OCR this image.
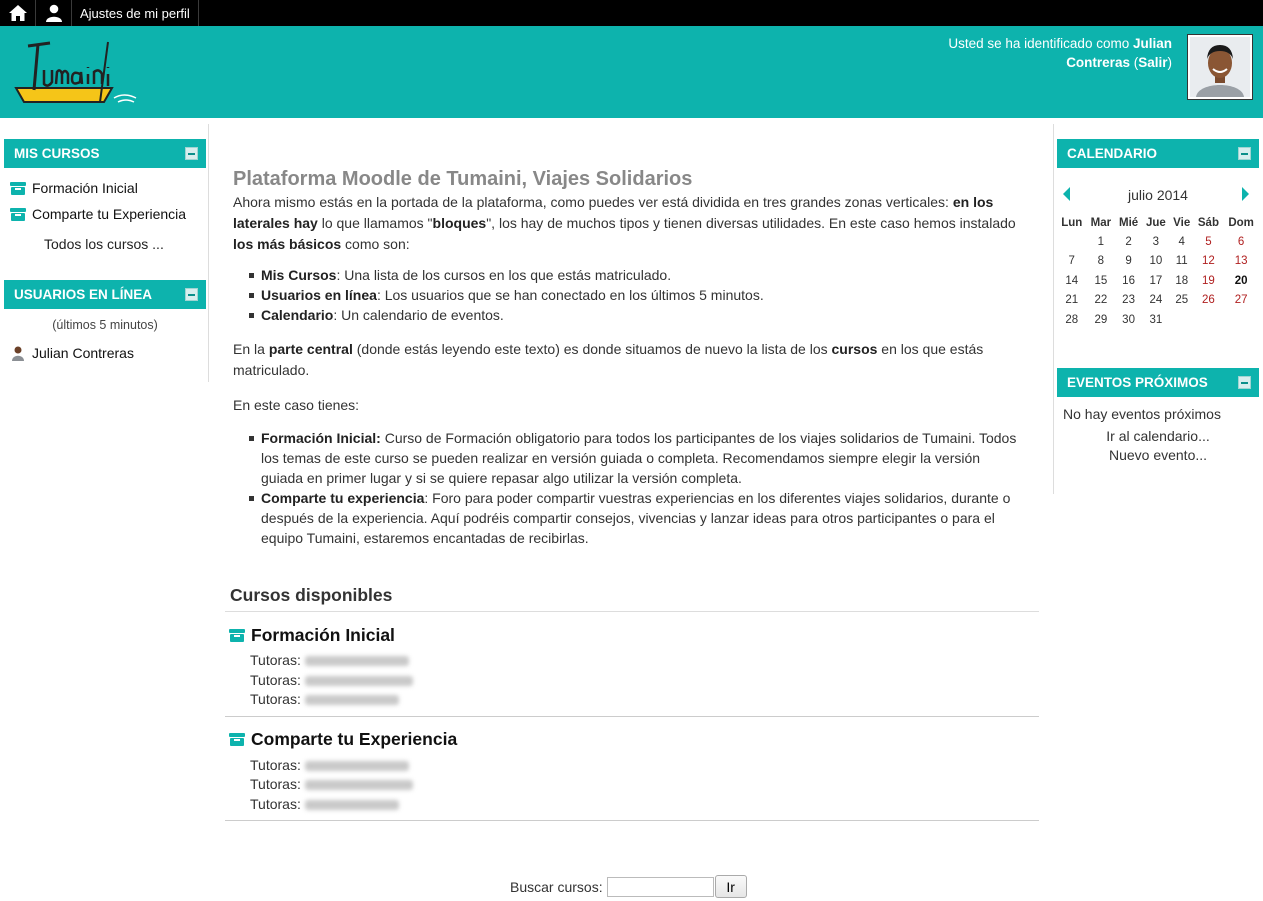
Ajustes de mi perfil
Usted se ha identificado como Julian Contreras (Salir)
MIS CURSOS
Formación Inicial
Comparte tu Experiencia
Todos los cursos ...
USUARIOS EN LÍNEA
(últimos 5 minutos)
Julian Contreras
Plataforma Moodle de Tumaini, Viajes Solidarios

Ahora mismo estás en la portada de la plataforma, como puedes ver está dividida en tres grandes zonas verticales: en los laterales hay lo que llamamos "bloques", los hay de muchos tipos y tienen diversas utilidades. En este caso hemos instalado los más básicos como son:

Mis Cursos: Una lista de los cursos en los que estás matriculado.
Usuarios en línea: Los usuarios que se han conectado en los últimos 5 minutos.
Calendario: Un calendario de eventos.

En la parte central (donde estás leyendo este texto) es donde situamos de nuevo la lista de los cursos en los que estás matriculado.

En este caso tienes:

Formación Inicial: Curso de Formación obligatorio para todos los participantes de los viajes solidarios de Tumaini. Todos los temas de este curso se pueden realizar en versión guiada o completa. Recomendamos siempre elegir la versión guiada en primer lugar y si se quiere repasar algo utilizar la versión completa.
Comparte tu experiencia: Foro para poder compartir vuestras experiencias en los diferentes viajes solidarios, durante o después de la experiencia. Aquí podréis compartir consejos, vivencias y lanzar ideas para otros participantes o para el equipo Tumaini, estaremos encantadas de recibirlas.
Cursos disponibles
Formación Inicial
Tutoras:
Tutoras:
Tutoras:
Comparte tu Experiencia
Tutoras:
Tutoras:
Tutoras:
Buscar cursos:	Ir
CALENDARIO
julio 2014
Lun	Mar	Mié	Jue	Vie	Sáb	Dom
	1	2	3	4	5	6
7	8	9	10	11	12	13
14	15	16	17	18	19	20
21	22	23	24	25	26	27
28	29	30	31			
EVENTOS PRÓXIMOS
No hay eventos próximos
Ir al calendario...
Nuevo evento...
